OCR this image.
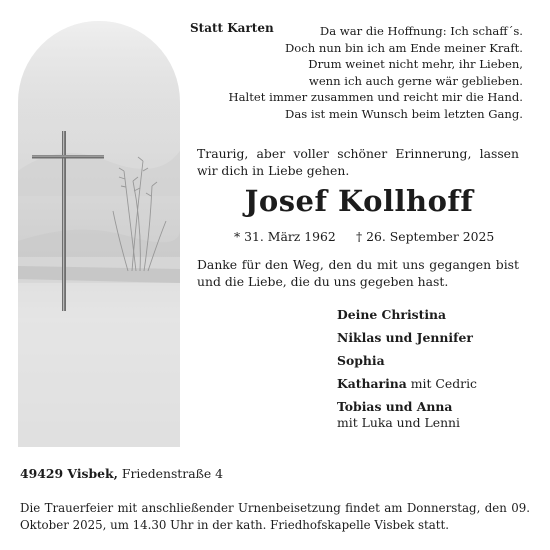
Statt Karten	Da war die Hoffnung: Ich schaff´s.
Doch nun bin ich am Ende meiner Kraft.
Drum weinet nicht mehr, ihr Lieben,
wenn ich auch gerne wär geblieben.
Haltet immer zusammen und reicht mir die Hand.
Das ist mein Wunsch beim letzten Gang.
Traurig, aber voller schöner Erinnerung, lassen wir dich in Liebe gehen.
Josef Kollhoff
* 31. März 1962 † 26. September 2025
Danke für den Weg, den du mit uns gegangen bist und die Liebe, die du uns gegeben hast.
Deine Christina
Niklas und Jennifer
Sophia
Katharina mit Cedric
Tobias und Anna
mit Luka und Lenni
49429 Visbek, Friedenstraße 4
Die Trauerfeier mit anschließender Urnenbeisetzung findet am Donnerstag, den 09. Oktober 2025, um 14.30 Uhr in der kath. Friedhofskapelle Visbek statt.
